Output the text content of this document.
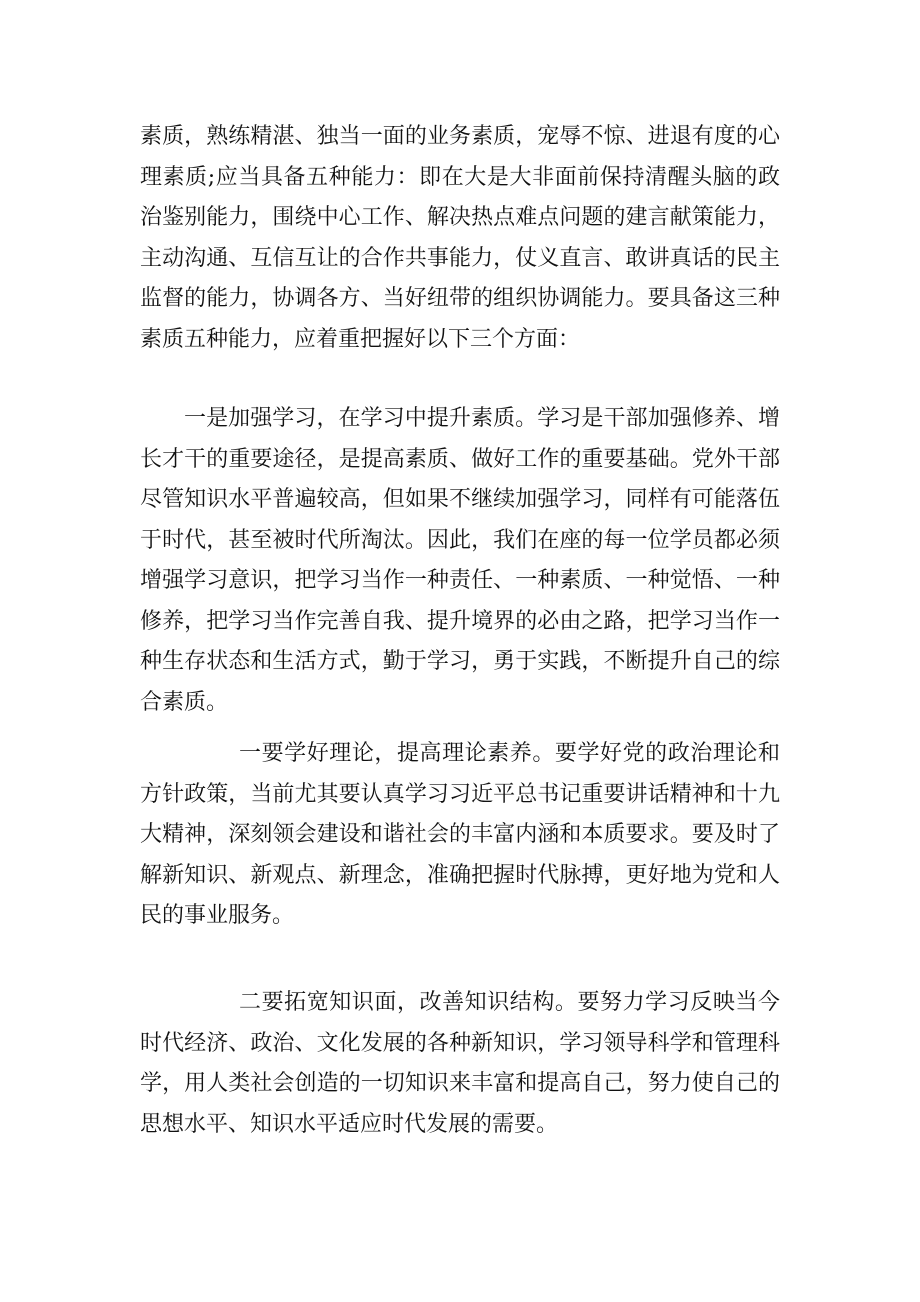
素质，熟练精湛、独当一面的业务素质，宠辱不惊、进退有度的心理素质;应当具备五种能力：即在大是大非面前保持清醒头脑的政治鉴别能力，围绕中心工作、解决热点难点问题的建言献策能力，主动沟通、互信互让的合作共事能力，仗义直言、敢讲真话的民主监督的能力，协调各方、当好纽带的组织协调能力。要具备这三种素质五种能力，应着重把握好以下三个方面：

一是加强学习，在学习中提升素质。学习是干部加强修养、增长才干的重要途径，是提高素质、做好工作的重要基础。党外干部尽管知识水平普遍较高，但如果不继续加强学习，同样有可能落伍于时代，甚至被时代所淘汰。因此，我们在座的每一位学员都必须增强学习意识，把学习当作一种责任、一种素质、一种觉悟、一种修养，把学习当作完善自我、提升境界的必由之路，把学习当作一种生存状态和生活方式，勤于学习，勇于实践，不断提升自己的综合素质。

一要学好理论，提高理论素养。要学好党的政治理论和方针政策，当前尤其要认真学习习近平总书记重要讲话精神和十九大精神，深刻领会建设和谐社会的丰富内涵和本质要求。要及时了解新知识、新观点、新理念，准确把握时代脉搏，更好地为党和人民的事业服务。

二要拓宽知识面，改善知识结构。要努力学习反映当今时代经济、政治、文化发展的各种新知识，学习领导科学和管理科学，用人类社会创造的一切知识来丰富和提高自己，努力使自己的思想水平、知识水平适应时代发展的需要。
